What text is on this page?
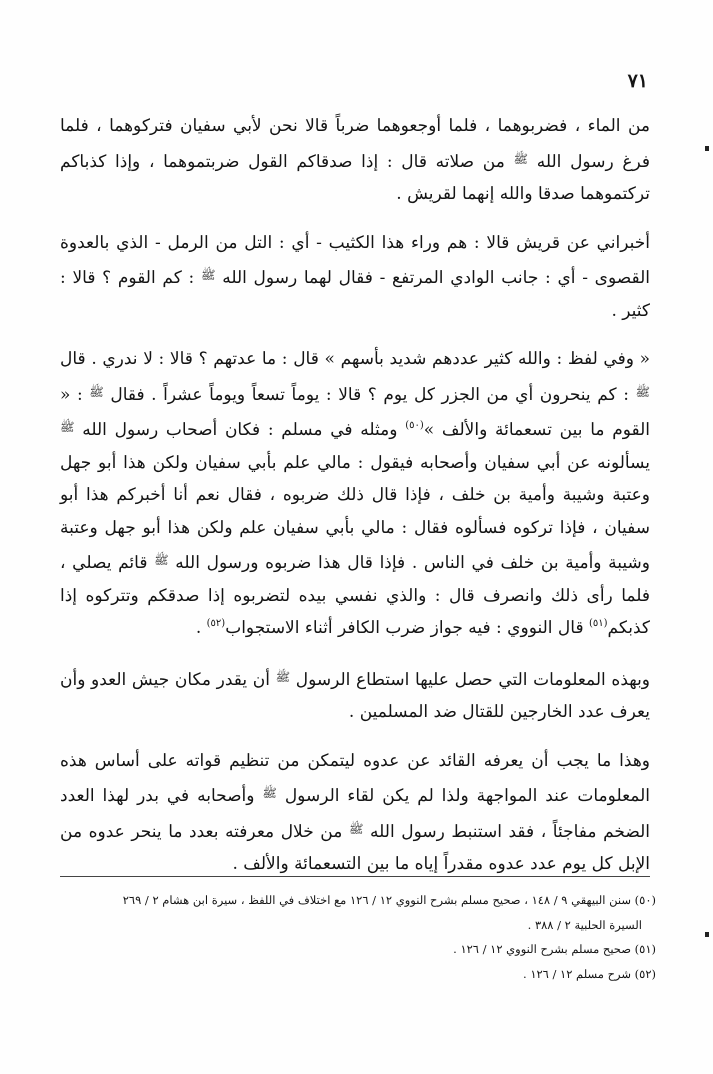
٧١

من الماء ، فضربوهما ، فلما أوجعوهما ضرباً قالا نحن لأبي سفيان فتركوهما ، فلما فرغ رسول الله $^ﷺ$ من صلاته قال : إذا صدقاكم القول ضربتموهما ، وإذا كذباكم تركتموهما صدقا والله إنهما لقريش .

أخبراني عن قريش قالا : هم وراء هذا الكثيب - أي : التل من الرمل - الذي بالعدوة القصوى - أي : جانب الوادي المرتفع - فقال لهما رسول الله $^ﷺ$ : كم القوم ؟ قالا : كثير .

« وفي لفظ : والله كثير عددهم شديد بأسهم » قال : ما عدتهم ؟ قالا : لا ندري . قال $^ﷺ$ : كم ينحرون أي من الجزر كل يوم ؟ قالا : يوماً تسعاً ويوماً عشراً . فقال $^ﷺ$ : « القوم ما بين تسعمائة والألف »$^{(٥٠)}$ ومثله في مسلم : فكان أصحاب رسول الله $^ﷺ$ يسألونه عن أبي سفيان وأصحابه فيقول : مالي علم بأبي سفيان ولكن هذا أبو جهل وعتبة وشيبة وأمية بن خلف ، فإذا قال ذلك ضربوه ، فقال نعم أنا أخبركم هذا أبو سفيان ، فإذا تركوه فسألوه فقال : مالي بأبي سفيان علم ولكن هذا أبو جهل وعتبة وشيبة وأمية بن خلف في الناس . فإذا قال هذا ضربوه ورسول الله $^ﷺ$ قائم يصلي ، فلما رأى ذلك وانصرف قال : والذي نفسي بيده لتضربوه إذا صدقكم وتتركوه إذا كذبكم$^{(٥١)}$ قال النووي : فيه جواز ضرب الكافر أثناء الاستجواب$^{(٥٢)}$ .

وبهذه المعلومات التي حصل عليها استطاع الرسول $^ﷺ$ أن يقدر مكان جيش العدو وأن يعرف عدد الخارجين للقتال ضد المسلمين .

وهذا ما يجب أن يعرفه القائد عن عدوه ليتمكن من تنظيم قواته على أساس هذه المعلومات عند المواجهة ولذا لم يكن لقاء الرسول $^ﷺ$ وأصحابه في بدر لهذا العدد الضخم مفاجئاً ، فقد استنبط رسول الله $^ﷺ$ من خلال معرفته بعدد ما ينحر عدوه من الإبل كل يوم عدد عدوه مقدراً إياه ما بين التسعمائة والألف .

(٥٠) سنن البيهقي ٩ / ١٤٨ ، صحيح مسلم بشرح النووي ١٢ / ١٢٦ مع اختلاف في اللفظ ، سيرة ابن هشام ٢ / ٢٦٩
السيرة الحلبية ٢ / ٣٨٨ .
(٥١) صحيح مسلم بشرح النووي ١٢ / ١٢٦ .
(٥٢) شرح مسلم ١٢ / ١٢٦ .
